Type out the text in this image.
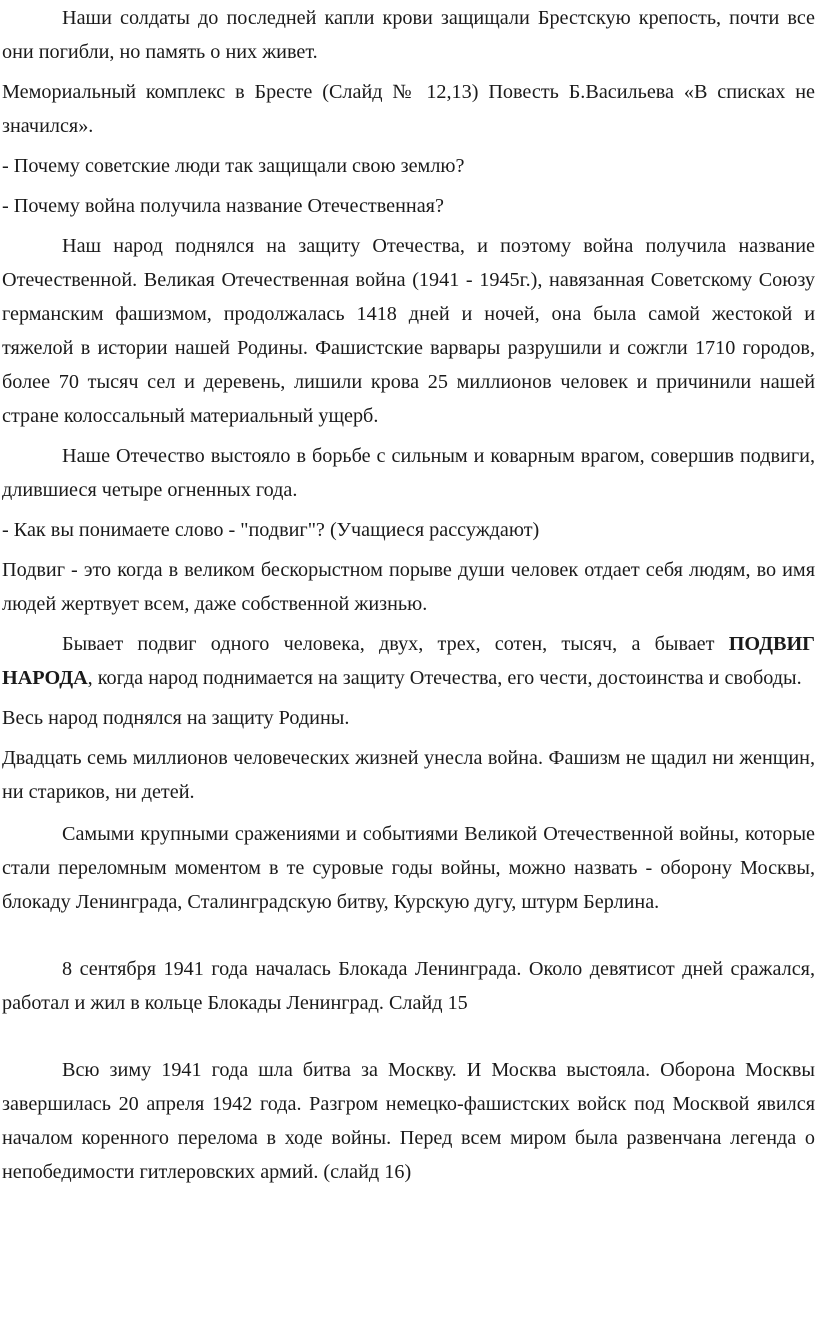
Наши солдаты до последней капли крови защищали Брестскую крепость, почти все они погибли, но память о них живет.

Мемориальный комплекс в Бресте (Слайд № 12,13) Повесть Б.Васильева «В списках не значился».

- Почему советские люди так защищали свою землю?

- Почему война получила название Отечественная?

Наш народ поднялся на защиту Отечества, и поэтому война получила название Отечественной. Великая Отечественная война (1941 - 1945г.), навязанная Советскому Союзу германским фашизмом, продолжалась 1418 дней и ночей, она была самой жестокой и тяжелой в истории нашей Родины. Фашистские варвары разрушили и сожгли 1710 городов, более 70 тысяч сел и деревень, лишили крова 25 миллионов человек и причинили нашей стране колоссальный материальный ущерб.

Наше Отечество выстояло в борьбе с сильным и коварным врагом, совершив подвиги, длившиеся четыре огненных года.

- Как вы понимаете слово - "подвиг"? (Учащиеся рассуждают)

Подвиг - это когда в великом бескорыстном порыве души человек отдает себя людям, во имя людей жертвует всем, даже собственной жизнью.

Бывает подвиг одного человека, двух, трех, сотен, тысяч, а бывает ПОДВИГ НАРОДА, когда народ поднимается на защиту Отечества, его чести, достоинства и свободы.

Весь народ поднялся на защиту Родины.

Двадцать семь миллионов человеческих жизней унесла война. Фашизм не щадил ни женщин, ни стариков, ни детей.

Самыми крупными сражениями и событиями Великой Отечественной войны, которые стали переломным моментом в те суровые годы войны, можно назвать - оборону Москвы, блокаду Ленинграда, Сталинградскую битву, Курскую дугу, штурм Берлина.

8 сентября 1941 года началась Блокада Ленинграда. Около девятисот дней сражался, работал и жил в кольце Блокады Ленинград. Слайд 15

Всю зиму 1941 года шла битва за Москву. И Москва выстояла. Оборона Москвы завершилась 20 апреля 1942 года. Разгром немецко-фашистских войск под Москвой явился началом коренного перелома в ходе войны. Перед всем миром была развенчана легенда о непобедимости гитлеровских армий. (слайд 16)
